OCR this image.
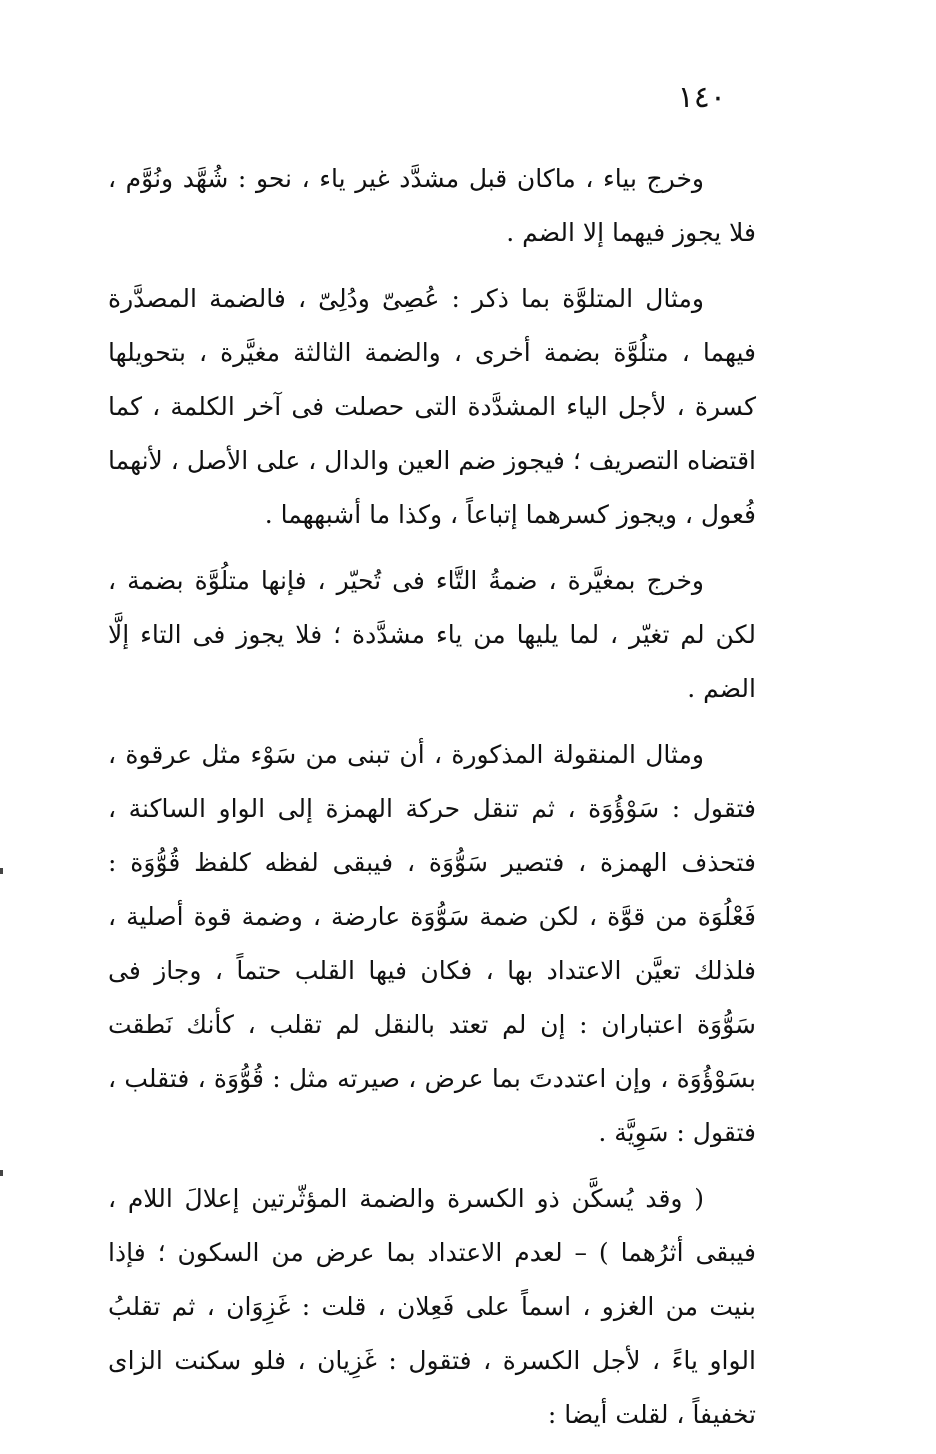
١٤٠

وخرج بياء ، ماكان قبل مشدَّد غير ياء ، نحو : شُهَّد ونُوَّم ، فلا يجوز فيهما إلا الضم .

ومثال المتلوَّة بما ذكر : عُصِىّ ودُلِىّ ، فالضمة المصدَّرة فيهما ، متلُوَّة بضمة أخرى ، والضمة الثالثة مغيَّرة ، بتحويلها كسرة ، لأجل الياء المشدَّدة التى حصلت فى آخر الكلمة ، كما اقتضاه التصريف ؛ فيجوز ضم العين والدال ، على الأصل ، لأنهما فُعول ، ويجوز كسرهما إتباعاً ، وكذا ما أشبههما .

وخرج بمغيَّرة ، ضمةُ التَّاء فى تُحيّر ، فإنها متلُوَّة بضمة ، لكن لم تغيّر ، لما يليها من ياء مشدَّدة ؛ فلا يجوز فى التاء إلَّا الضم .

ومثال المنقولة المذكورة ، أن تبنى من سَوْء مثل عرقوة ، فتقول : سَوْؤُوَة ، ثم تنقل حركة الهمزة إلى الواو الساكنة ، فتحذف الهمزة ، فتصير سَوُّوَة ، فيبقى لفظه كلفظ قُوُّوَة : فَعْلُوَة من قوَّة ، لكن ضمة سَوُّوَة عارضة ، وضمة قوة أصلية ، فلذلك تعيَّن الاعتداد بها ، فكان فيها القلب حتماً ، وجاز فى سَوُّوَة اعتباران : إن لم تعتد بالنقل لم تقلب ، كأنك نَطقت بسَوْؤُوَة ، وإن اعتددتَ بما عرض ، صيرته مثل : قُوُّوَة ، فتقلب ، فتقول : سَوِيَّة .

( وقد يُسكَّن ذو الكسرة والضمة المؤثّرتين إعلالَ اللام ، فيبقى أثرُهما ) – لعدم الاعتداد بما عرض من السكون ؛ فإذا بنيت من الغزو ، اسماً على فَعِلان ، قلت : غَزِوَان ، ثم تقلبُ الواو ياءً ، لأجل الكسرة ، فتقول : غَزِيان ، فلو سكنت الزاى تخفيفاً ، لقلت أيضا :
